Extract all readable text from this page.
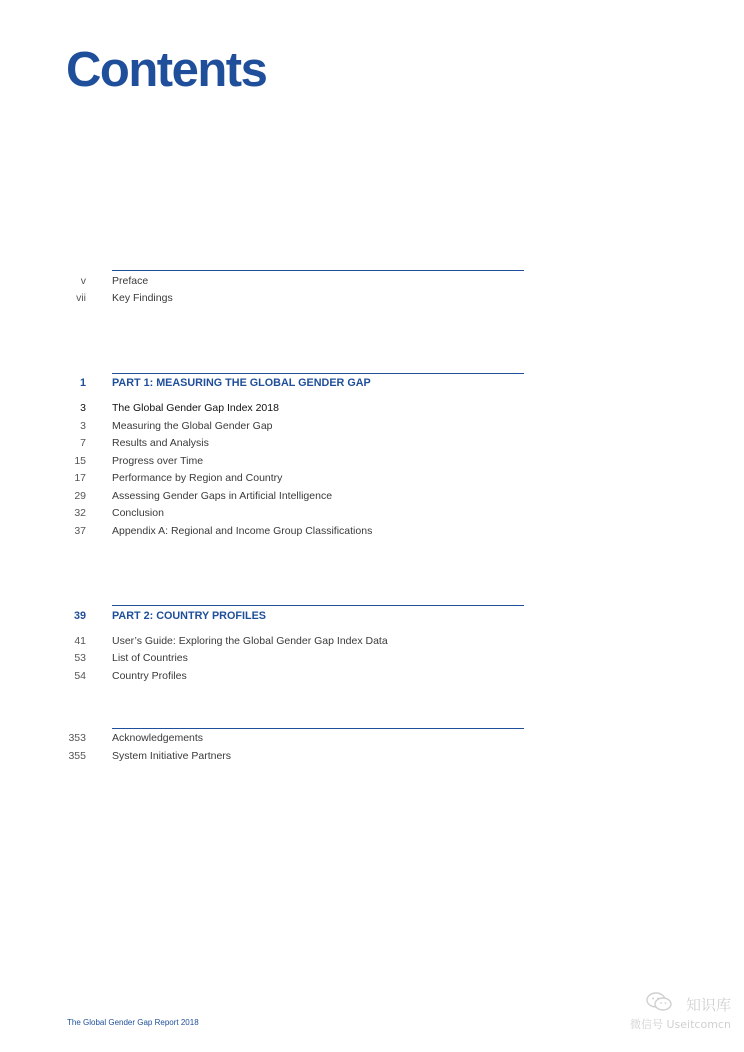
Contents
v Preface
vii Key Findings
1 PART 1: MEASURING THE GLOBAL GENDER GAP
3 The Global Gender Gap Index 2018
3 Measuring the Global Gender Gap
7 Results and Analysis
15 Progress over Time
17 Performance by Region and Country
29 Assessing Gender Gaps in Artificial Intelligence
32 Conclusion
37 Appendix A: Regional and Income Group Classifications
39 PART 2: COUNTRY PROFILES
41 User’s Guide: Exploring the Global Gender Gap Index Data
53 List of Countries
54 Country Profiles
353 Acknowledgements
355 System Initiative Partners
The Global Gender Gap Report 2018
知识库
微信号 Useitcomcn
